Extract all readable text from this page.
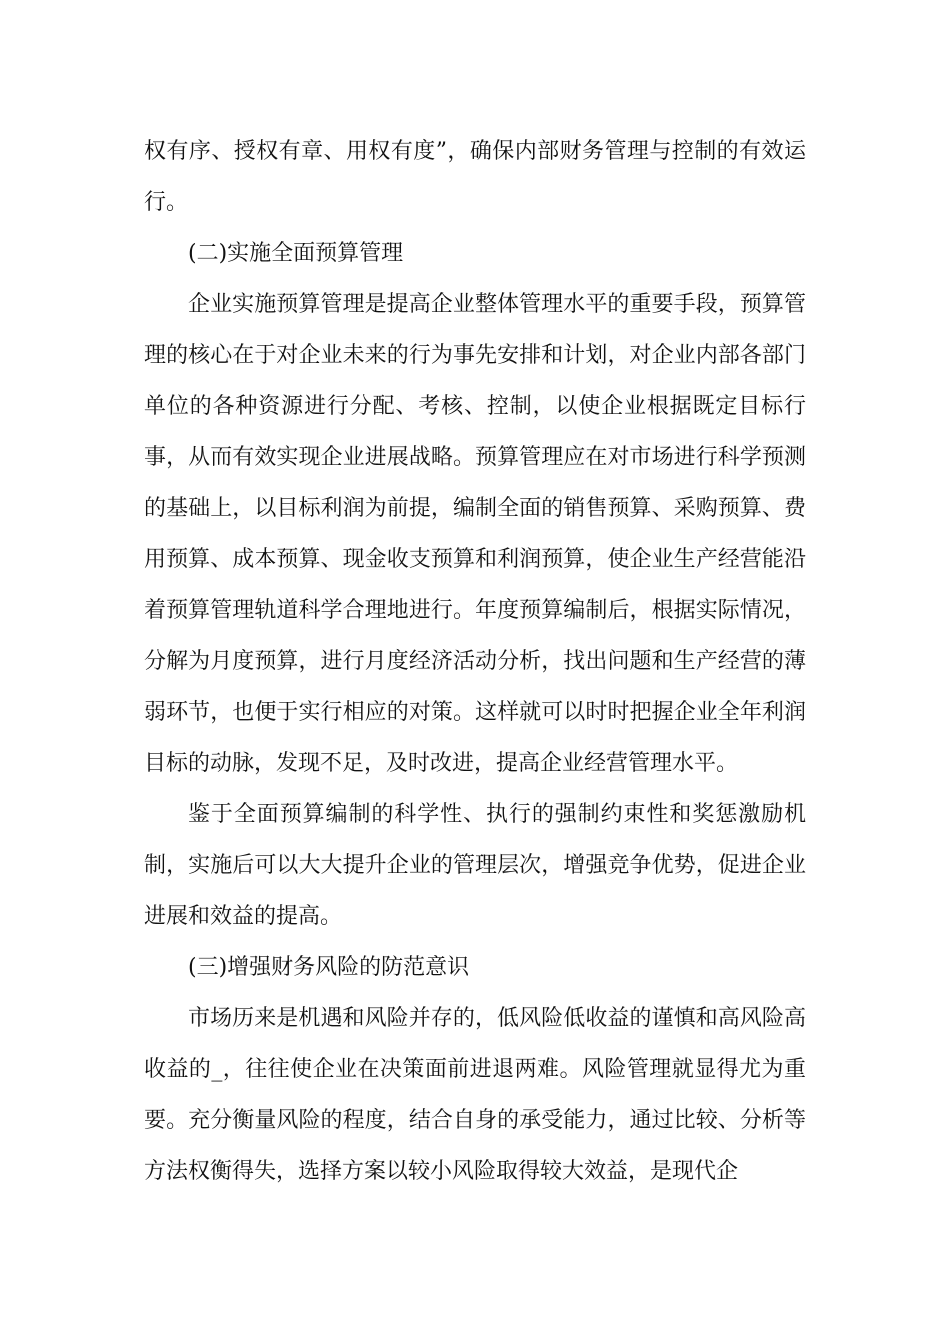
权有序、授权有章、用权有度”，确保内部财务管理与控制的有效运行。

(二)实施全面预算管理

企业实施预算管理是提高企业整体管理水平的重要手段，预算管理的核心在于对企业未来的行为事先安排和计划，对企业内部各部门单位的各种资源进行分配、考核、控制，以使企业根据既定目标行事，从而有效实现企业进展战略。预算管理应在对市场进行科学预测的基础上，以目标利润为前提，编制全面的销售预算、采购预算、费用预算、成本预算、现金收支预算和利润预算，使企业生产经营能沿着预算管理轨道科学合理地进行。年度预算编制后，根据实际情况，分解为月度预算，进行月度经济活动分析，找出问题和生产经营的薄弱环节，也便于实行相应的对策。这样就可以时时把握企业全年利润目标的动脉，发现不足，及时改进，提高企业经营管理水平。

鉴于全面预算编制的科学性、执行的强制约束性和奖惩激励机制，实施后可以大大提升企业的管理层次，增强竞争优势，促进企业进展和效益的提高。

(三)增强财务风险的防范意识

市场历来是机遇和风险并存的，低风险低收益的谨慎和高风险高收益的_，往往使企业在决策面前进退两难。风险管理就显得尤为重要。充分衡量风险的程度，结合自身的承受能力，通过比较、分析等方法权衡得失，选择方案以较小风险取得较大效益，是现代企
